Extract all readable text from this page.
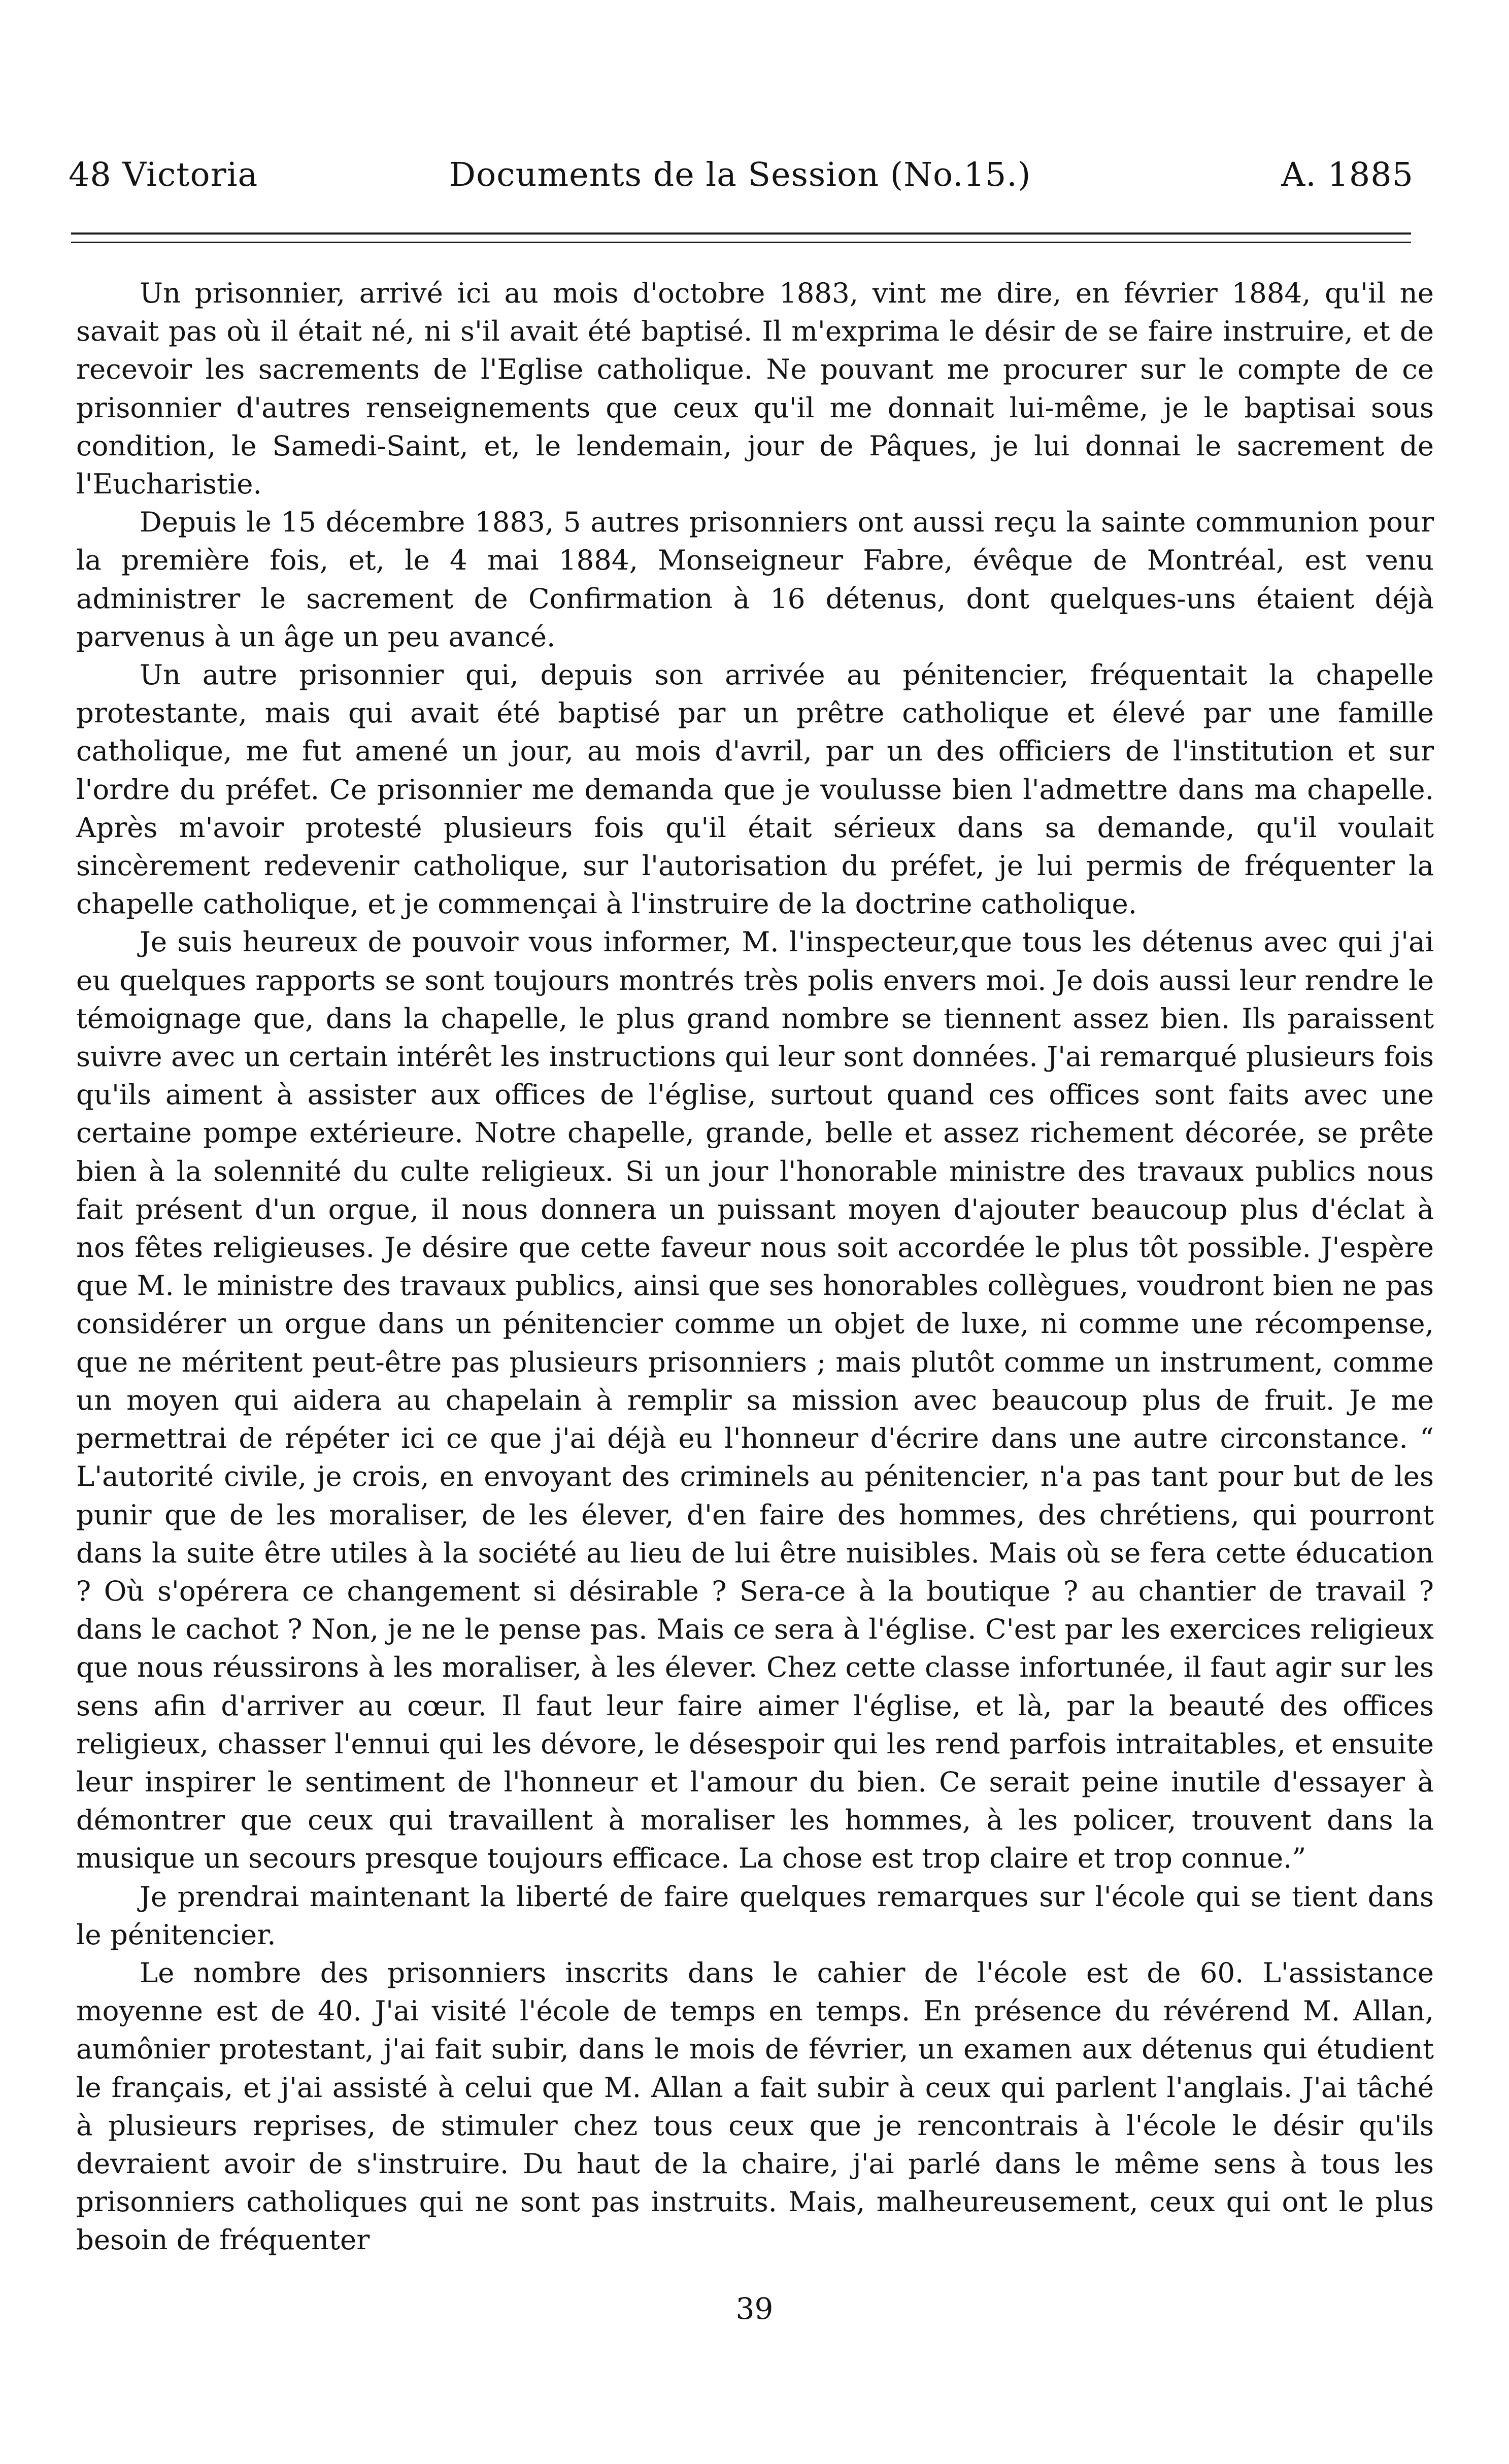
48 Victoria	Documents de la Session (No.15.)	A. 1885

Un prisonnier, arrivé ici au mois d'octobre 1883, vint me dire, en février 1884, qu'il ne savait pas où il était né, ni s'il avait été baptisé. Il m'exprima le désir de se faire instruire, et de recevoir les sacrements de l'Eglise catholique. Ne pouvant me procurer sur le compte de ce prisonnier d'autres renseignements que ceux qu'il me donnait lui-même, je le baptisai sous condition, le Samedi-Saint, et, le lendemain, jour de Pâques, je lui donnai le sacrement de l'Eucharistie.

Depuis le 15 décembre 1883, 5 autres prisonniers ont aussi reçu la sainte communion pour la première fois, et, le 4 mai 1884, Monseigneur Fabre, évêque de Montréal, est venu administrer le sacrement de Confirmation à 16 détenus, dont quelques-uns étaient déjà parvenus à un âge un peu avancé.

Un autre prisonnier qui, depuis son arrivée au pénitencier, fréquentait la chapelle protestante, mais qui avait été baptisé par un prêtre catholique et élevé par une famille catholique, me fut amené un jour, au mois d'avril, par un des officiers de l'institution et sur l'ordre du préfet. Ce prisonnier me demanda que je voulusse bien l'admettre dans ma chapelle. Après m'avoir protesté plusieurs fois qu'il était sérieux dans sa demande, qu'il voulait sincèrement redevenir catholique, sur l'autorisation du préfet, je lui permis de fréquenter la chapelle catholique, et je commençai à l'instruire de la doctrine catholique.

Je suis heureux de pouvoir vous informer, M. l'inspecteur,que tous les détenus avec qui j'ai eu quelques rapports se sont toujours montrés très polis envers moi. Je dois aussi leur rendre le témoignage que, dans la chapelle, le plus grand nombre se tiennent assez bien. Ils paraissent suivre avec un certain intérêt les instructions qui leur sont données. J'ai remarqué plusieurs fois qu'ils aiment à assister aux offices de l'église, surtout quand ces offices sont faits avec une certaine pompe extérieure. Notre chapelle, grande, belle et assez richement décorée, se prête bien à la solennité du culte religieux. Si un jour l'honorable ministre des travaux publics nous fait présent d'un orgue, il nous donnera un puissant moyen d'ajouter beaucoup plus d'éclat à nos fêtes religieuses. Je désire que cette faveur nous soit accordée le plus tôt possible. J'espère que M. le ministre des travaux publics, ainsi que ses honorables collègues, voudront bien ne pas considérer un orgue dans un pénitencier comme un objet de luxe, ni comme une récompense, que ne méritent peut-être pas plusieurs prisonniers ; mais plutôt comme un instrument, comme un moyen qui aidera au chapelain à remplir sa mission avec beaucoup plus de fruit. Je me permettrai de répéter ici ce que j'ai déjà eu l'honneur d'écrire dans une autre circonstance. “ L'autorité civile, je crois, en envoyant des criminels au pénitencier, n'a pas tant pour but de les punir que de les moraliser, de les élever, d'en faire des hommes, des chrétiens, qui pourront dans la suite être utiles à la société au lieu de lui être nuisibles. Mais où se fera cette éducation ? Où s'opérera ce changement si désirable ? Sera-ce à la boutique ? au chantier de travail ? dans le cachot ? Non, je ne le pense pas. Mais ce sera à l'église. C'est par les exercices religieux que nous réussirons à les moraliser, à les élever. Chez cette classe infortunée, il faut agir sur les sens afin d'arriver au cœur. Il faut leur faire aimer l'église, et là, par la beauté des offices religieux, chasser l'ennui qui les dévore, le désespoir qui les rend parfois intraitables, et ensuite leur inspirer le sentiment de l'honneur et l'amour du bien. Ce serait peine inutile d'essayer à démontrer que ceux qui travaillent à moraliser les hommes, à les policer, trouvent dans la musique un secours presque toujours efficace. La chose est trop claire et trop connue.”

Je prendrai maintenant la liberté de faire quelques remarques sur l'école qui se tient dans le pénitencier.

Le nombre des prisonniers inscrits dans le cahier de l'école est de 60. L'assistance moyenne est de 40. J'ai visité l'école de temps en temps. En présence du révérend M. Allan, aumônier protestant, j'ai fait subir, dans le mois de février, un examen aux détenus qui étudient le français, et j'ai assisté à celui que M. Allan a fait subir à ceux qui parlent l'anglais. J'ai tâché à plusieurs reprises, de stimuler chez tous ceux que je rencontrais à l'école le désir qu'ils devraient avoir de s'instruire. Du haut de la chaire, j'ai parlé dans le même sens à tous les prisonniers catholiques qui ne sont pas instruits. Mais, malheureusement, ceux qui ont le plus besoin de fréquenter

39
